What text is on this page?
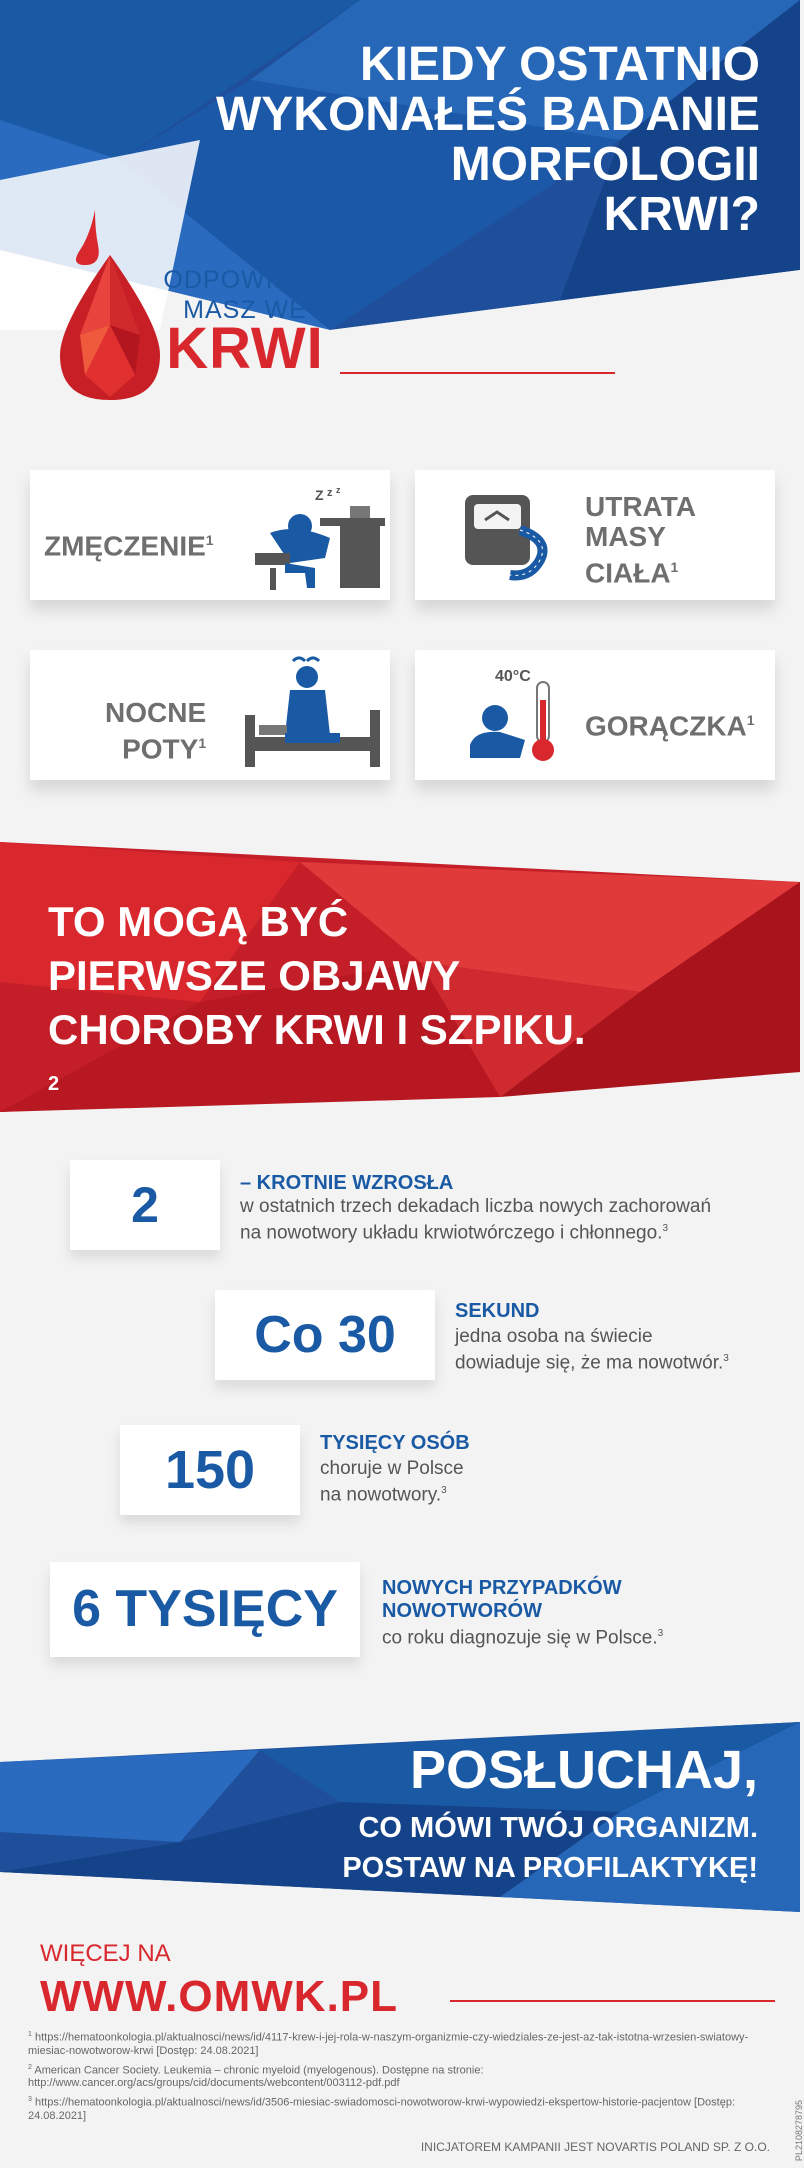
KIEDY OSTATNIO
WYKONAŁEŚ BADANIE
MORFOLOGII
KRWI?
ODPOWIEDŹ
MASZ WE
KRWI
ZMĘCZENIE$^1$
Z z z
UTRATA
MASY
CIAŁA$^1$
NOCNE
POTY$^1$
40°C
GORĄCZKA$^1$
TO MOGĄ BYĆ
PIERWSZE OBJAWY
CHOROBY KRWI I SZPIKU.
$^2$
2	– KROTNIE WZROSŁA
w ostatnich trzech dekadach liczba nowych zachorowań
na nowotwory układu krwiotwórczego i chłonnego.$^3$
Co 30	SEKUND
jedna osoba na świecie
dowiaduje się, że ma nowotwór.$^3$
150	TYSIĘCY OSÓB
choruje w Polsce
na nowotwory.$^3$
6 TYSIĘCY	NOWYCH PRZYPADKÓW
NOWOTWORÓW
co roku diagnozuje się w Polsce.$^3$
POSŁUCHAJ,
CO MÓWI TWÓJ ORGANIZM.
POSTAW NA PROFILAKTYKĘ!
WIĘCEJ NA
WWW.OMWK.PL
$^1$ https://hematoonkologia.pl/aktualnosci/news/id/4117-krew-i-jej-rola-w-naszym-organizmie-czy-wiedziales-ze-jest-az-tak-istotna-wrzesien-swiatowy-miesiac-nowotworow-krwi [Dostęp: 24.08.2021]
$^2$ American Cancer Society. Leukemia – chronic myeloid (myelogenous). Dostępne na stronie: http://www.cancer.org/acs/groups/cid/documents/webcontent/003112-pdf.pdf
$^3$ https://hematoonkologia.pl/aktualnosci/news/id/3506-miesiac-swiadomosci-nowotworow-krwi-wypowiedzi-ekspertow-historie-pacjentow [Dostęp: 24.08.2021]
INICJATOREM KAMPANII JEST NOVARTIS POLAND SP. Z O.O.	PL2108278795
